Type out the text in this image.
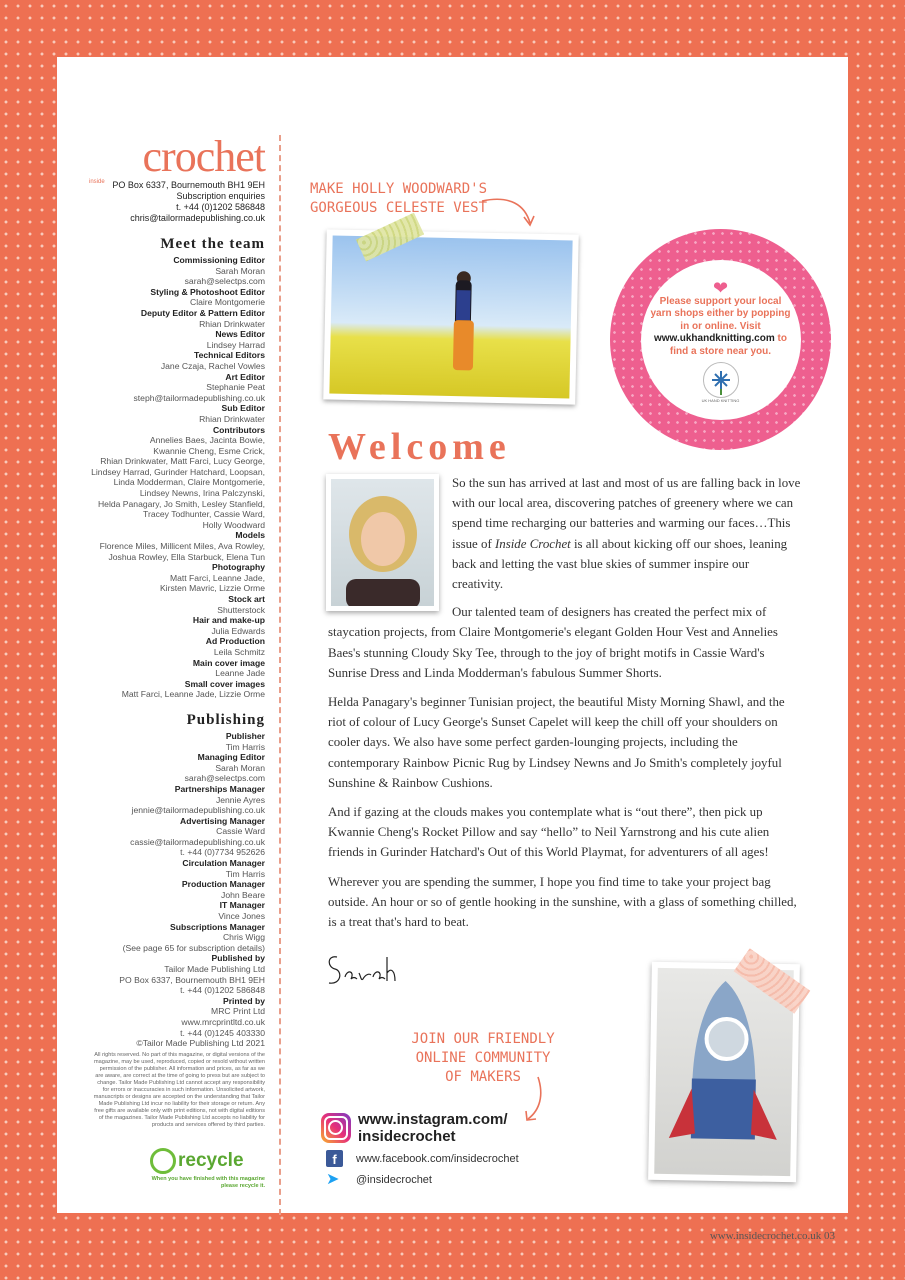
inside
crochet
PO Box 6337, Bournemouth BH1 9EH
Subscription enquiries
t. +44 (0)1202 586848
chris@tailormadepublishing.co.uk
Meet the team
Commissioning Editor
Sarah Moran
sarah@selectps.com
Styling & Photoshoot Editor
Claire Montgomerie
Deputy Editor & Pattern Editor
Rhian Drinkwater
News Editor
Lindsey Harrad
Technical Editors
Jane Czaja, Rachel Vowles
Art Editor
Stephanie Peat
steph@tailormadepublishing.co.uk
Sub Editor
Rhian Drinkwater
Contributors
Annelies Baes, Jacinta Bowie,
Kwannie Cheng, Esme Crick,
Rhian Drinkwater, Matt Farci, Lucy George,
Lindsey Harrad, Gurinder Hatchard, Loopsan,
Linda Modderman, Claire Montgomerie,
Lindsey Newns, Irina Palczynski,
Helda Panagary, Jo Smith, Lesley Stanfield,
Tracey Todhunter, Cassie Ward,
Holly Woodward
Models
Florence Miles, Millicent Miles, Ava Rowley,
Joshua Rowley, Ella Starbuck, Elena Tun
Photography
Matt Farci, Leanne Jade,
Kirsten Mavric, Lizzie Orme
Stock art
Shutterstock
Hair and make-up
Julia Edwards
Ad Production
Leila Schmitz
Main cover image
Leanne Jade
Small cover images
Matt Farci, Leanne Jade, Lizzie Orme
Publishing
Publisher
Tim Harris
Managing Editor
Sarah Moran
sarah@selectps.com
Partnerships Manager
Jennie Ayres
jennie@tailormadepublishing.co.uk
Advertising Manager
Cassie Ward
cassie@tailormadepublishing.co.uk
t. +44 (0)7734 952626
Circulation Manager
Tim Harris
Production Manager
John Beare
IT Manager
Vince Jones
Subscriptions Manager
Chris Wigg
(See page 65 for subscription details)
Published by
Tailor Made Publishing Ltd
PO Box 6337, Bournemouth BH1 9EH
t. +44 (0)1202 586848
Printed by
MRC Print Ltd
www.mrcprintltd.co.uk
t. +44 (0)1245 403330
©Tailor Made Publishing Ltd 2021
All rights reserved. No part of this magazine, or digital versions of the magazine, may be used, reproduced, copied or resold without written permission of the publisher. All information and prices, as far as we are aware, are correct at the time of going to press but are subject to change. Tailor Made Publishing Ltd cannot accept any responsibility for errors or inaccuracies in such information. Unsolicited artwork, manuscripts or designs are accepted on the understanding that Tailor Made Publishing Ltd incur no liability for their storage or return. Any free gifts are available only with print editions, not with digital editions of the magazines. Tailor Made Publishing Ltd accepts no liability for products and services offered by third parties.
recycle
When you have finished with this magazine please recycle it.
MAKE HOLLY WOODWARD'S GORGEOUS CELESTE VEST
❤

Please support your local yarn shops either by popping in or online. Visit www.ukhandknitting.com to find a store near you.

UK HAND KNITTING
Welcome

So the sun has arrived at last and most of us are falling back in love with our local area, discovering patches of greenery where we can spend time recharging our batteries and warming our faces…This issue of Inside Crochet is all about kicking off our shoes, leaning back and letting the vast blue skies of summer inspire our creativity.

Our talented team of designers has created the perfect mix of staycation projects, from Claire Montgomerie's elegant Golden Hour Vest and Annelies Baes's stunning Cloudy Sky Tee, through to the joy of bright motifs in Cassie Ward's Sunrise Dress and Linda Modderman's fabulous Summer Shorts.

Helda Panagary's beginner Tunisian project, the beautiful Misty Morning Shawl, and the riot of colour of Lucy George's Sunset Capelet will keep the chill off your shoulders on cooler days. We also have some perfect garden-lounging projects, including the contemporary Rainbow Picnic Rug by Lindsey Newns and Jo Smith's completely joyful Sunshine & Rainbow Cushions.

And if gazing at the clouds makes you contemplate what is “out there”, then pick up Kwannie Cheng's Rocket Pillow and say “hello” to Neil Yarnstrong and his cute alien friends in Gurinder Hatchard's Out of this World Playmat, for adventurers of all ages!

Wherever you are spending the summer, I hope you find time to take your project bag outside. An hour or so of gentle hooking in the sunshine, with a glass of something chilled, is a treat that's hard to beat.

JOIN OUR FRIENDLY ONLINE COMMUNITY OF MAKERS
www.instagram.com/
insidecrochet
f	www.facebook.com/insidecrochet
➤	@insidecrochet
www.insidecrochet.co.uk 03
